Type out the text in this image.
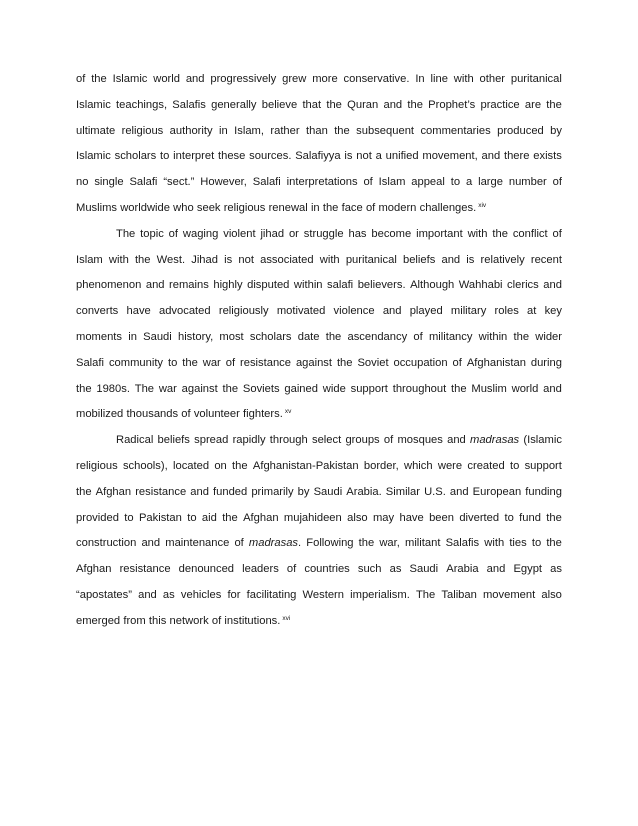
of the Islamic world and progressively grew more conservative. In line with other puritanical
Islamic teachings, Salafis generally believe that the Quran and the Prophet’s practice are the
ultimate religious authority in Islam, rather than the subsequent commentaries produced by
Islamic scholars to interpret these sources. Salafiyya is not a unified movement, and there exists
no single Salafi “sect.” However, Salafi interpretations of Islam appeal to a large number of
Muslims worldwide who seek religious renewal in the face of modern challenges. $^{xiv}$
The topic of waging violent jihad or struggle has become important with the conflict of
Islam with the West. Jihad is not associated with puritanical beliefs and is relatively recent
phenomenon and remains highly disputed within salafi believers. Although Wahhabi clerics and
converts have advocated religiously motivated violence and played military roles at key
moments in Saudi history, most scholars date the ascendancy of militancy within the wider
Salafi community to the war of resistance against the Soviet occupation of Afghanistan during
the 1980s. The war against the Soviets gained wide support throughout the Muslim world and
mobilized thousands of volunteer fighters. $^{xv}$
Radical beliefs spread rapidly through select groups of mosques and madrasas (Islamic
religious schools), located on the Afghanistan-Pakistan border, which were created to support
the Afghan resistance and funded primarily by Saudi Arabia. Similar U.S. and European funding
provided to Pakistan to aid the Afghan mujahideen also may have been diverted to fund the
construction and maintenance of madrasas. Following the war, militant Salafis with ties to the
Afghan resistance denounced leaders of countries such as Saudi Arabia and Egypt as
“apostates” and as vehicles for facilitating Western imperialism. The Taliban movement also
emerged from this network of institutions. $^{xvi}$
